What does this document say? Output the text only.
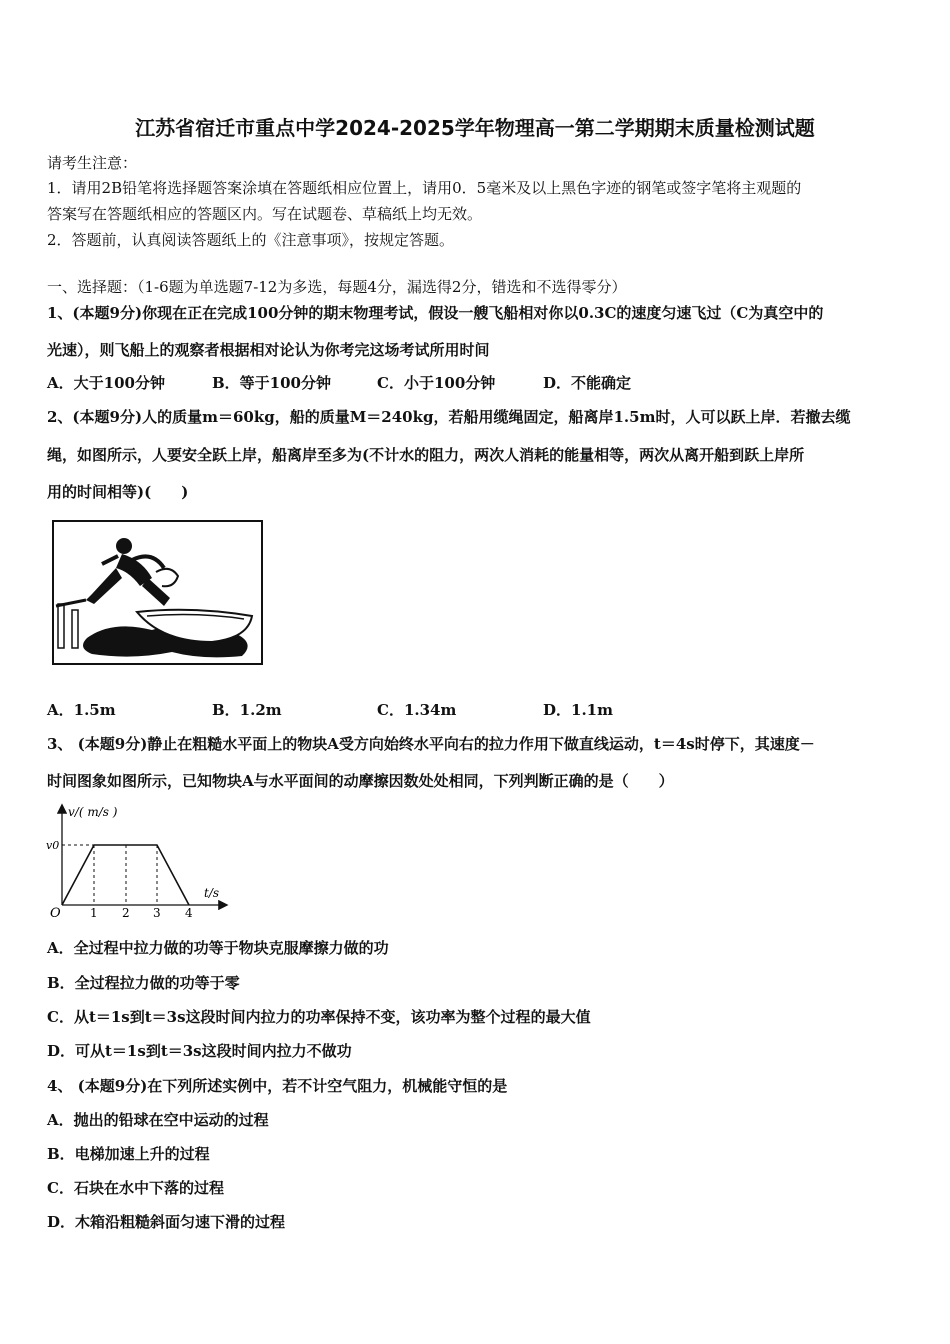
江苏省宿迁市重点中学2024-2025学年物理高一第二学期期末质量检测试题
请考生注意：
1．请用2B铅笔将选择题答案涂填在答题纸相应位置上，请用0．5毫米及以上黑色字迹的钢笔或签字笔将主观题的
答案写在答题纸相应的答题区内。写在试题卷、草稿纸上均无效。
2．答题前，认真阅读答题纸上的《注意事项》，按规定答题。
一、选择题：（1-6题为单选题7-12为多选，每题4分，漏选得2分，错选和不选得零分）
1、(本题9分)你现在正在完成100分钟的期末物理考试，假设一艘飞船相对你以0.3C的速度匀速飞过（C为真空中的
光速），则飞船上的观察者根据相对论认为你考完这场考试所用时间
A．大于100分钟	B．等于100分钟	C．小于100分钟	D．不能确定
2、(本题9分)人的质量m＝60kg，船的质量M＝240kg，若船用缆绳固定，船离岸1.5m时，人可以跃上岸．若撤去缆
绳，如图所示，人要安全跃上岸，船离岸至多为(不计水的阻力，两次人消耗的能量相等，两次从离开船到跃上岸所
用的时间相等)(　　)
A．1.5m	B．1.2m	C．1.34m	D．1.1m
3、 (本题9分)静止在粗糙水平面上的物块A受方向始终水平向右的拉力作用下做直线运动，t＝4s时停下，其速度－
时间图象如图所示，已知物块A与水平面间的动摩擦因数处处相同，下列判断正确的是（　　）
v/( m/s )
v0
t/s
O 1 2 3 4
A．全过程中拉力做的功等于物块克服摩擦力做的功
B．全过程拉力做的功等于零
C．从t＝1s到t＝3s这段时间内拉力的功率保持不变，该功率为整个过程的最大值
D．可从t＝1s到t＝3s这段时间内拉力不做功
4、 (本题9分)在下列所述实例中，若不计空气阻力，机械能守恒的是
A．抛出的铅球在空中运动的过程
B．电梯加速上升的过程
C．石块在水中下落的过程
D．木箱沿粗糙斜面匀速下滑的过程
